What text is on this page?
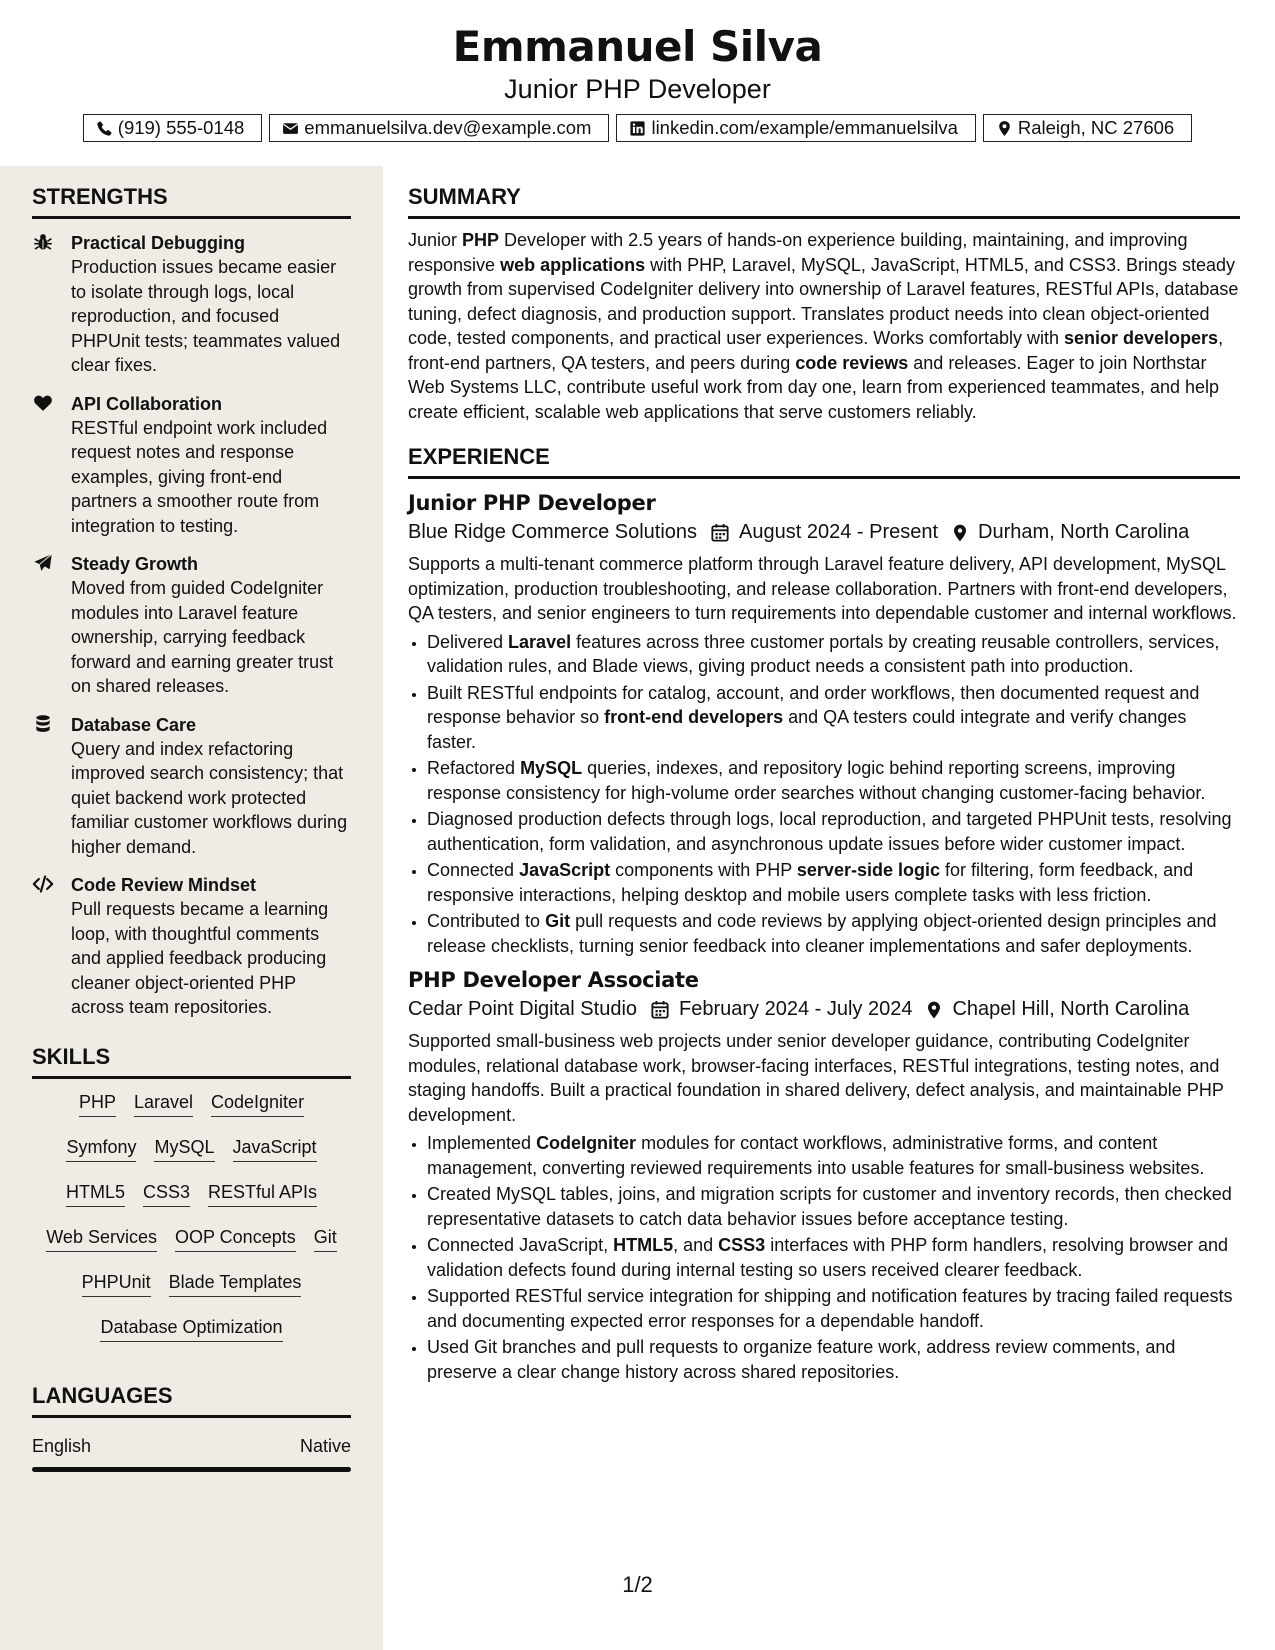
Emmanuel Silva
Junior PHP Developer
(919) 555-0148	emmanuelsilva.dev@example.com	linkedin.com/example/emmanuelsilva	Raleigh, NC 27606
STRENGTHS
Practical Debugging
Production issues became easier to isolate through logs, local reproduction, and focused PHPUnit tests; teammates valued clear fixes.
API Collaboration
RESTful endpoint work included request notes and response examples, giving front-end partners a smoother route from integration to testing.
Steady Growth
Moved from guided CodeIgniter modules into Laravel feature ownership, carrying feedback forward and earning greater trust on shared releases.
Database Care
Query and index refactoring improved search consistency; that quiet backend work protected familiar customer workflows during higher demand.
Code Review Mindset
Pull requests became a learning loop, with thoughtful comments and applied feedback producing cleaner object-oriented PHP across team repositories.
SKILLS
PHP Laravel CodeIgniter
Symfony MySQL JavaScript
HTML5 CSS3 RESTful APIs
Web Services OOP Concepts Git
PHPUnit Blade Templates
Database Optimization
LANGUAGES
English	Native
SUMMARY
Junior PHP Developer with 2.5 years of hands-on experience building, maintaining, and improving responsive web applications with PHP, Laravel, MySQL, JavaScript, HTML5, and CSS3. Brings steady growth from supervised CodeIgniter delivery into ownership of Laravel features, RESTful APIs, database tuning, defect diagnosis, and production support. Translates product needs into clean object-oriented code, tested components, and practical user experiences. Works comfortably with senior developers, front-end partners, QA testers, and peers during code reviews and releases. Eager to join Northstar Web Systems LLC, contribute useful work from day one, learn from experienced teammates, and help create efficient, scalable web applications that serve customers reliably.
EXPERIENCE
Junior PHP Developer
Blue Ridge Commerce Solutions August 2024 - Present Durham, North Carolina
Supports a multi-tenant commerce platform through Laravel feature delivery, API development, MySQL optimization, production troubleshooting, and release collaboration. Partners with front-end developers, QA testers, and senior engineers to turn requirements into dependable customer and internal workflows.
• Delivered Laravel features across three customer portals by creating reusable controllers, services, validation rules, and Blade views, giving product needs a consistent path into production.
• Built RESTful endpoints for catalog, account, and order workflows, then documented request and response behavior so front-end developers and QA testers could integrate and verify changes faster.
• Refactored MySQL queries, indexes, and repository logic behind reporting screens, improving response consistency for high-volume order searches without changing customer-facing behavior.
• Diagnosed production defects through logs, local reproduction, and targeted PHPUnit tests, resolving authentication, form validation, and asynchronous update issues before wider customer impact.
• Connected JavaScript components with PHP server-side logic for filtering, form feedback, and responsive interactions, helping desktop and mobile users complete tasks with less friction.
• Contributed to Git pull requests and code reviews by applying object-oriented design principles and release checklists, turning senior feedback into cleaner implementations and safer deployments.
PHP Developer Associate
Cedar Point Digital Studio February 2024 - July 2024 Chapel Hill, North Carolina
Supported small-business web projects under senior developer guidance, contributing CodeIgniter modules, relational database work, browser-facing interfaces, RESTful integrations, testing notes, and staging handoffs. Built a practical foundation in shared delivery, defect analysis, and maintainable PHP development.
• Implemented CodeIgniter modules for contact workflows, administrative forms, and content management, converting reviewed requirements into usable features for small-business websites.
• Created MySQL tables, joins, and migration scripts for customer and inventory records, then checked representative datasets to catch data behavior issues before acceptance testing.
• Connected JavaScript, HTML5, and CSS3 interfaces with PHP form handlers, resolving browser and validation defects found during internal testing so users received clearer feedback.
• Supported RESTful service integration for shipping and notification features by tracing failed requests and documenting expected error responses for a dependable handoff.
• Used Git branches and pull requests to organize feature work, address review comments, and preserve a clear change history across shared repositories.
1/2
